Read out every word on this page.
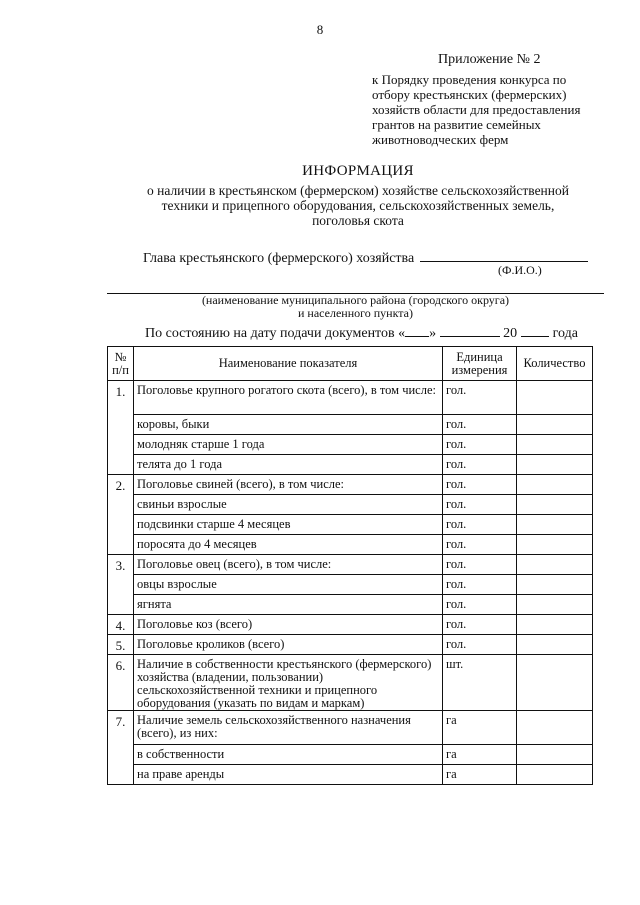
8
Приложение № 2
к Порядку проведения конкурса по
отбору крестьянских (фермерских)
хозяйств области для предоставления
грантов на развитие семейных
животноводческих ферм
ИНФОРМАЦИЯ
о наличии в крестьянском (фермерском) хозяйстве сельскохозяйственной
техники и прицепного оборудования, сельскохозяйственных земель,
поголовья скота
Глава крестьянского (фермерского) хозяйства
(Ф.И.О.)
(наименование муниципального района (городского округа)
и населенного пункта)
По состоянию на дату подачи документов « »	20	года
№ п/п	Наименование показателя	Единица измерения	Количество
1.	Поголовье крупного рогатого скота (всего), в том числе:	гол.	
	коровы, быки	гол.	
	молодняк старше 1 года	гол.	
	телята до 1 года	гол.	
2.	Поголовье свиней (всего), в том числе:	гол.	
	свиньи взрослые	гол.	
	подсвинки старше 4 месяцев	гол.	
	поросята до 4 месяцев	гол.	
3.	Поголовье овец (всего), в том числе:	гол.	
	овцы взрослые	гол.	
	ягнята	гол.	
4.	Поголовье коз (всего)	гол.	
5.	Поголовье кроликов (всего)	гол.	
6.	Наличие в собственности крестьянского (фермерского) хозяйства (владении, пользовании) сельскохозяйственной техники и прицепного оборудования (указать по видам и маркам)	шт.	
7.	Наличие земель сельскохозяйственного назначения (всего), из них:	га	
	в собственности	га	
	на праве аренды	га	
